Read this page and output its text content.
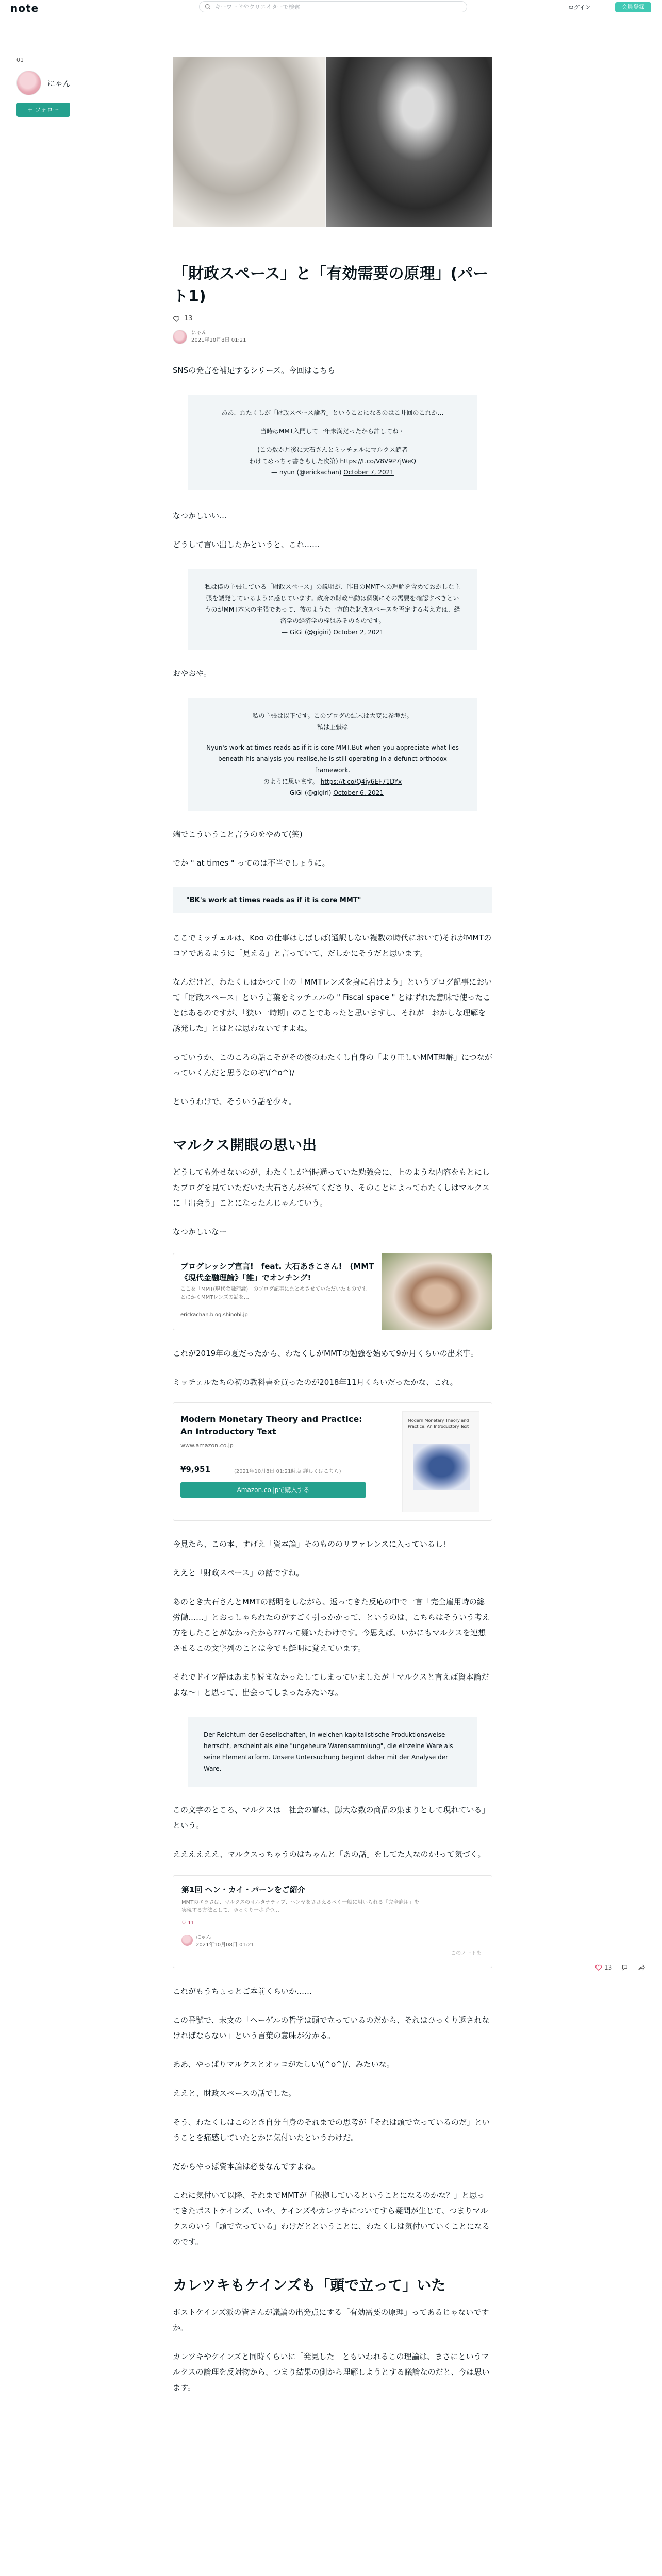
note
キーワードやクリエイターで検索	ログイン	会員登録
01
にゃん
+ フォロー
「財政スペース」と「有効需要の原理」(パート1)
13
にゃん
2021年10月8日 01:21

SNSの発言を補足するシリーズ。今回はこちら

ああ、わたくしが「財政スペース論者」ということになるのはこ井回のこれか…
当時はMMT入門して一年未満だったから許してね・
(この数か月後に大石さんとミッチェルにマルクス読者
わけてめっちゃ書きもした次第) https://t.co/V8V9P7jWeQ
— nyun (@erickachan) October 7, 2021

なつかしいい…

どうして言い出したかというと、これ……

私は僕の主張している「財政スペース」の説明が、昨日のMMTへの理解を含めておかしな主張を誘発しているように感じています。政府の財政出動は個別にその需要を確認すべきというのがMMT本来の主張であって、彼のような一方的な財政スペースを否定する考え方は、経済学の経済学の枠組みそのものです。
— GiGi (@gigiri) October 2, 2021

おやおや。

私の主張は以下です。このブログの結末は大変に参考だ。
私は主張は
Nyun's work at times reads as if it is core MMT.But when you appreciate what lies beneath his analysis you realise,he is still operating in a defunct orthodox framework.
のように思います。 https://t.co/Q4iy6EF71DYx
— GiGi (@gigiri) October 6, 2021

端でこういうこと言うのをやめて(笑)

でか " at times " ってのは不当でしょうに。

"BK's work at times reads as if it is core MMT"

ここでミッチェルは、Koo の仕事はしばしば(通訳しない複数の時代において)それがMMTのコアであるように「見える」と言っていて、だしかにそうだと思います。

なんだけど、わたくしはかつて上の「MMTレンズを身に着けよう」というブログ記事において「財政スペース」という言葉をミッチェルの " Fiscal space " とはずれた意味で使ったことはあるのですが、「狭い一時期」のことであったと思いますし、それが「おかしな理解を誘発した」とはとは思わないですよね。

っていうか、このころの話こそがその後のわたくし自身の「より正しいMMT理解」につながっていくんだと思うなのぞ\(^o^)/

というわけで、そういう話を少々。

マルクス開眼の思い出

どうしても外せないのが、わたくしが当時通っていた勉強会に、上のような内容をもとにしたブログを見ていただいた大石さんが来てくださり、そのことによってわたくしはマルクスに「出会う」ことになったんじゃんていう。

なつかしいなー

ブログレッシブ宣言!　feat. 大石あきこさん!　(MMT《現代金融理論》「誰」でオンチング!
ここを「MMT(現代金融理論)」のブログ記事にまとめさせていただいたものです。とにかくMMTレンズの話を…
erickachan.blog.shinobi.jp

これが2019年の夏だったから、わたくしがMMTの勉強を始めて9か月くらいの出来事。

ミッチェルたちの初の教科書を買ったのが2018年11月くらいだったかな、これ。

Modern Monetary Theory and Practice: An Introductory Text
www.amazon.co.jp
¥9,951	(2021年10月8日 01:21時点 詳しくはこちら)
Amazon.co.jpで購入する
Modern Monetary Theory and Practice: An Introductory Text

今見たら、この本、すげえ「資本論」そのもののリファレンスに入っているし!

ええと「財政スペース」の話ですね。

あのとき大石さんとMMTの話明をしながら、返ってきた反応の中で一言「完全雇用時の総労働……」とおっしゃられたのがすごく引っかかって、というのは、こちらはそういう考え方をしたことがなかったから???って疑いたわけです。今思えば、いかにもマルクスを連想させるこの文字列のことは今でも鮮明に覚えています。

それでドイツ語はあまり読まなかったしてしまっていましたが「マルクスと言えば資本論だよな〜」と思って、出会ってしまったみたいな。

Der Reichtum der Gesellschaften, in welchen kapitalistische Produktionsweise herrscht, erscheint als eine "ungeheure Warensammlung", die einzelne Ware als seine Elementarform. Unsere Untersuchung beginnt daher mit der Analyse der Ware.

この文字のところ、マルクスは「社会の富は、膨大な数の商品の集まりとして現れている」という。

ええええええ、マルクスっちゃうのはちゃんと「あの話」をしてた人なのか!って気づく。

第1回 ヘン・カイ・パーンをご紹介
MMTのエラさは、マルクスのオルタナティブ、ヘンヤをささえるべく一般に用いられる「完全雇用」を実現する方法として、ゆっくり一歩ずつ…
♡ 11
にゃん
2021年10月08日 01:21
このノートを

これがもうちょっとご本前くらいか……

この番號で、未文の「ヘーゲルの哲学は頭で立っているのだから、それはひっくり返されなければならない」という言葉の意味が分かる。

ああ、やっぱりマルクスとオッコがたしい\(^o^)/、みたいな。

ええと、財政スペースの話でした。

そう、わたくしはこのとき自分自身のそれまでの思考が「それは頭で立っているのだ」ということを痛感していたとかに気付いたというわけだ。

だからやっぱ資本論は必要なんですよね。

これに気付いて以降、それまでMMTが「依拠しているということになるのかな？」と思ってきたポストケインズ、いや、ケインズやカレツキについてすら疑問が生じて、つまりマルクスのいう「頭で立っている」わけだとということに、わたくしは気付いていくことになるのです。

カレツキもケインズも「頭で立って」いた

ポストケインズ派の皆さんが議論の出発点にする「有効需要の原理」ってあるじゃないですか。

カレツキやケインズと同時くらいに「発見した」ともいわれるこの理論は、まさにというマルクスの論理を反対物から、つまり結果の側から理解しようとする議論なのだと、今は思います。

13
